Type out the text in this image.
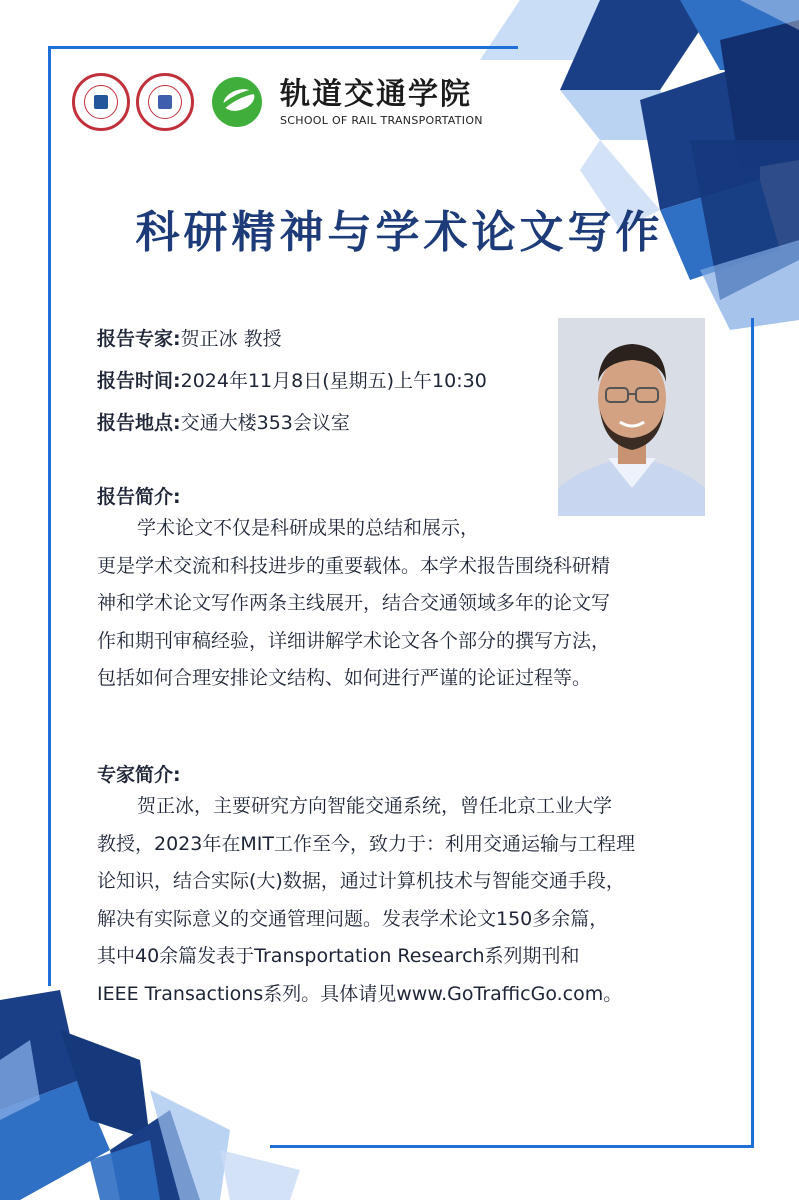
轨道交通学院
SCHOOL OF RAIL TRANSPORTATION
科研精神与学术论文写作
报告专家:贺正冰 教授
报告时间:2024年11月8日(星期五)上午10:30
报告地点:交通大楼353会议室
报告简介:
学术论文不仅是科研成果的总结和展示，
更是学术交流和科技进步的重要载体。本学术报告围绕科研精
神和学术论文写作两条主线展开，结合交通领域多年的论文写
作和期刊审稿经验，详细讲解学术论文各个部分的撰写方法，
包括如何合理安排论文结构、如何进行严谨的论证过程等。
专家简介:
贺正冰，主要研究方向智能交通系统，曾任北京工业大学
教授，2023年在MIT工作至今，致力于：利用交通运输与工程理
论知识，结合实际(大)数据，通过计算机技术与智能交通手段，
解决有实际意义的交通管理问题。发表学术论文150多余篇，
其中40余篇发表于Transportation Research系列期刊和
IEEE Transactions系列。具体请见www.GoTrafficGo.com。
